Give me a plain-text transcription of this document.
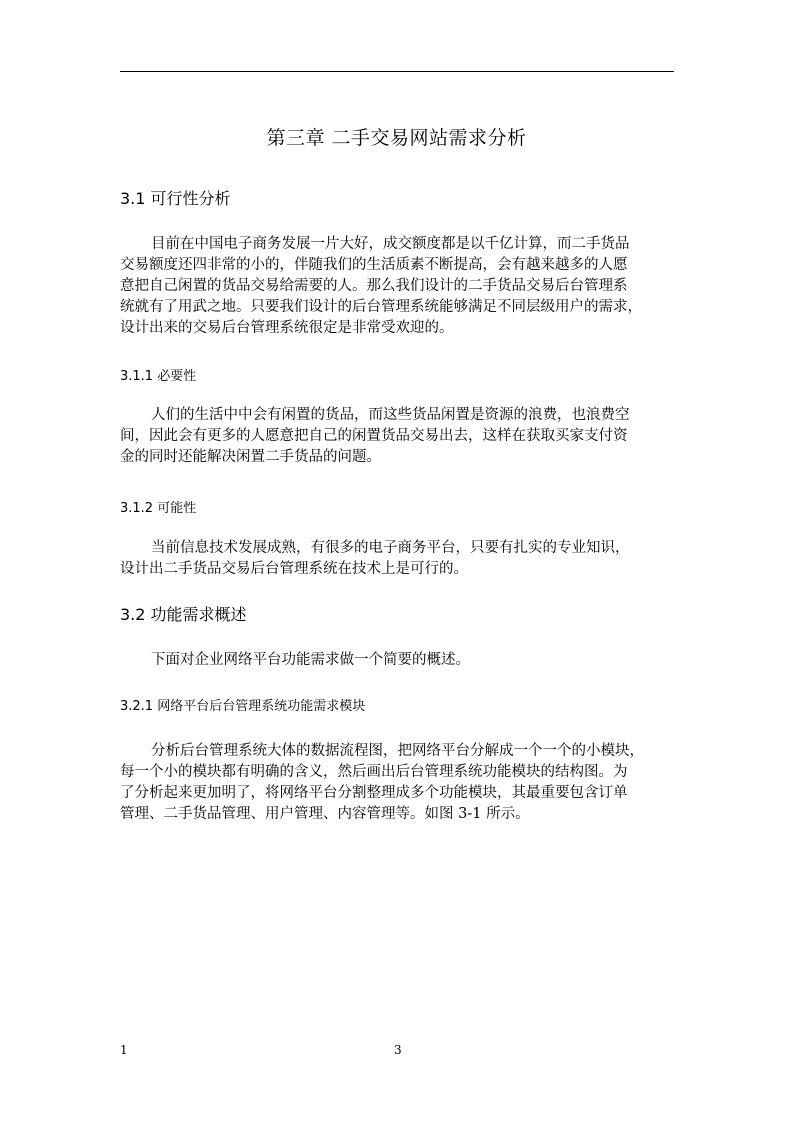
第三章 二手交易网站需求分析
3.1 可行性分析

目前在中国电子商务发展一片大好，成交额度都是以千亿计算，而二手货品
交易额度还四非常的小的，伴随我们的生活质素不断提高，会有越来越多的人愿
意把自己闲置的货品交易给需要的人。那么我们设计的二手货品交易后台管理系
统就有了用武之地。只要我们设计的后台管理系统能够满足不同层级用户的需求，
设计出来的交易后台管理系统很定是非常受欢迎的。

3.1.1 必要性

人们的生活中中会有闲置的货品，而这些货品闲置是资源的浪费，也浪费空
间，因此会有更多的人愿意把自己的闲置货品交易出去，这样在获取买家支付资
金的同时还能解决闲置二手货品的问题。

3.1.2 可能性

当前信息技术发展成熟，有很多的电子商务平台，只要有扎实的专业知识，
设计出二手货品交易后台管理系统在技术上是可行的。

3.2 功能需求概述

下面对企业网络平台功能需求做一个简要的概述。

3.2.1 网络平台后台管理系统功能需求模块

分析后台管理系统大体的数据流程图，把网络平台分解成一个一个的小模块，
每一个小的模块都有明确的含义，然后画出后台管理系统功能模块的结构图。为
了分析起来更加明了，将网络平台分割整理成多个功能模块，其最重要包含订单
管理、二手货品管理、用户管理、内容管理等。如图 3-1 所示。

1	3
